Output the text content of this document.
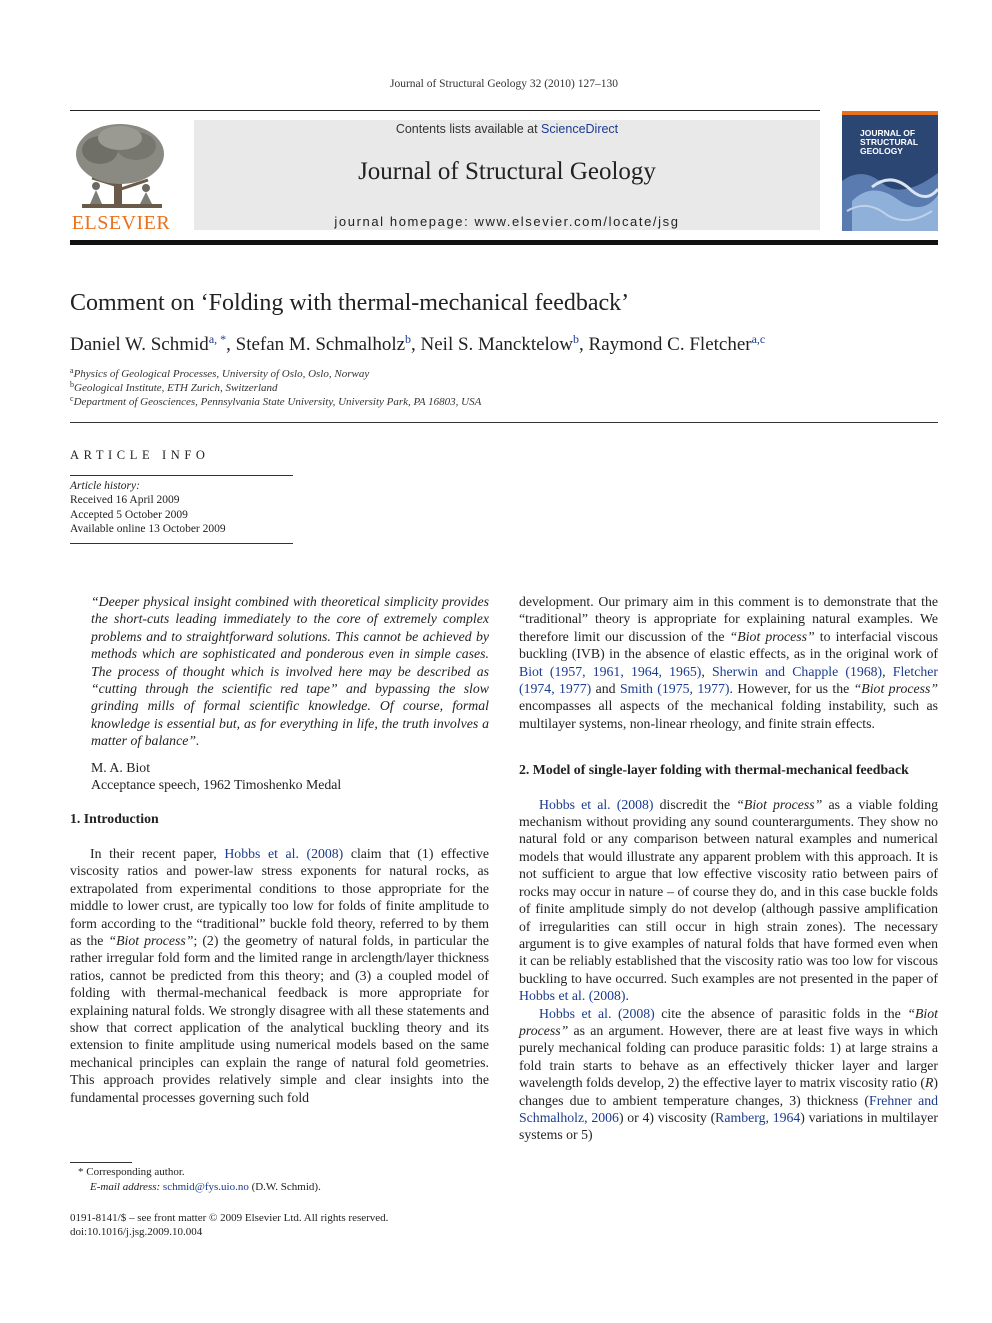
Journal of Structural Geology 32 (2010) 127–130
ELSEVIER
Contents lists available at ScienceDirect
Journal of Structural Geology
journal homepage: www.elsevier.com/locate/jsg
JOURNAL OF
STRUCTURAL
GEOLOGY
Comment on ‘Folding with thermal-mechanical feedback’
Daniel W. Schmid$^{a, *}$, Stefan M. Schmalholz$^b$, Neil S. Mancktelow$^b$, Raymond C. Fletcher$^{a,c}$
$^a$Physics of Geological Processes, University of Oslo, Oslo, Norway
$^b$Geological Institute, ETH Zurich, Switzerland
$^c$Department of Geosciences, Pennsylvania State University, University Park, PA 16803, USA
ARTICLE INFO
Article history:
Received 16 April 2009
Accepted 5 October 2009
Available online 13 October 2009

“Deeper physical insight combined with theoretical simplicity provides the short-cuts leading immediately to the core of extremely complex problems and to straightforward solutions. This cannot be achieved by methods which are sophisticated and ponderous even in simple cases. The process of thought which is involved here may be described as “cutting through the scientific red tape” and bypassing the slow grinding mills of formal scientific knowledge. Of course, formal knowledge is essential but, as for everything in life, the truth involves a matter of balance”.

M. A. Biot
Acceptance speech, 1962 Timoshenko Medal
1. Introduction

In their recent paper, Hobbs et al. (2008) claim that (1) effective viscosity ratios and power-law stress exponents for natural rocks, as extrapolated from experimental conditions to those appropriate for the middle to lower crust, are typically too low for folds of finite amplitude to form according to the “traditional” buckle fold theory, referred to by them as the “Biot process”; (2) the geometry of natural folds, in particular the rather irregular fold form and the limited range in arclength/layer thickness ratios, cannot be predicted from this theory; and (3) a coupled model of folding with thermal-mechanical feedback is more appropriate for explaining natural folds. We strongly disagree with all these statements and show that correct application of the analytical buckling theory and its extension to finite amplitude using numerical models based on the same mechanical principles can explain the range of natural fold geometries. This approach provides relatively simple and clear insights into the fundamental processes governing such fold

development. Our primary aim in this comment is to demonstrate that the “traditional” theory is appropriate for explaining natural examples. We therefore limit our discussion of the “Biot process” to interfacial viscous buckling (IVB) in the absence of elastic effects, as in the original work of Biot (1957, 1961, 1964, 1965), Sherwin and Chapple (1968), Fletcher (1974, 1977) and Smith (1975, 1977). However, for us the “Biot process” encompasses all aspects of the mechanical folding instability, such as multilayer systems, non-linear rheology, and finite strain effects.

2. Model of single-layer folding with thermal-mechanical feedback

Hobbs et al. (2008) discredit the “Biot process” as a viable folding mechanism without providing any sound counterarguments. They show no natural fold or any comparison between natural examples and numerical models that would illustrate any apparent problem with this approach. It is not sufficient to argue that low effective viscosity ratio between pairs of rocks may occur in nature – of course they do, and in this case buckle folds of finite amplitude simply do not develop (although passive amplification of irregularities can still occur in high strain zones). The necessary argument is to give examples of natural folds that have formed even when it can be reliably established that the viscosity ratio was too low for viscous buckling to have occurred. Such examples are not presented in the paper of Hobbs et al. (2008).

Hobbs et al. (2008) cite the absence of parasitic folds in the “Biot process” as an argument. However, there are at least five ways in which purely mechanical folding can produce parasitic folds: 1) at large strains a fold train starts to behave as an effectively thicker layer and larger wavelength folds develop, 2) the effective layer to matrix viscosity ratio (R) changes due to ambient temperature changes, 3) thickness (Frehner and Schmalholz, 2006) or 4) viscosity (Ramberg, 1964) variations in multilayer systems or 5)

* Corresponding author.
E-mail address: schmid@fys.uio.no (D.W. Schmid).
0191-8141/$ – see front matter © 2009 Elsevier Ltd. All rights reserved.
doi:10.1016/j.jsg.2009.10.004
